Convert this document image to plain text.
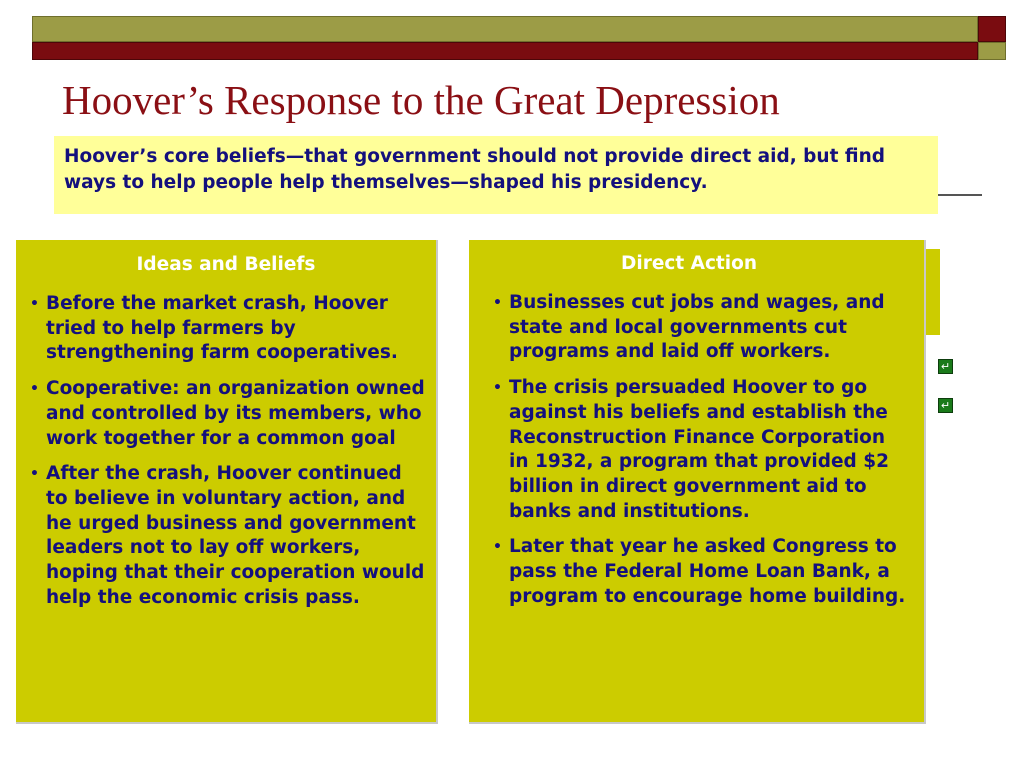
Hoover’s Response to the Great Depression
Hoover’s core beliefs—that government should not provide direct aid, but find ways to help people help themselves—shaped his presidency.
Ideas and Beliefs
• Before the market crash, Hoover tried to help farmers by strengthening farm cooperatives.
• Cooperative: an organization owned and controlled by its members, who work together for a common goal
• After the crash, Hoover continued to believe in voluntary action, and he urged business and government leaders not to lay off workers, hoping that their cooperation would help the economic crisis pass.
Direct Action
• Businesses cut jobs and wages, and state and local governments cut programs and laid off workers.
• The crisis persuaded Hoover to go against his beliefs and establish the Reconstruction Finance Corporation in 1932, a program that provided $2 billion in direct government aid to banks and institutions.
• Later that year he asked Congress to pass the Federal Home Loan Bank, a program to encourage home building.
↵
↵
